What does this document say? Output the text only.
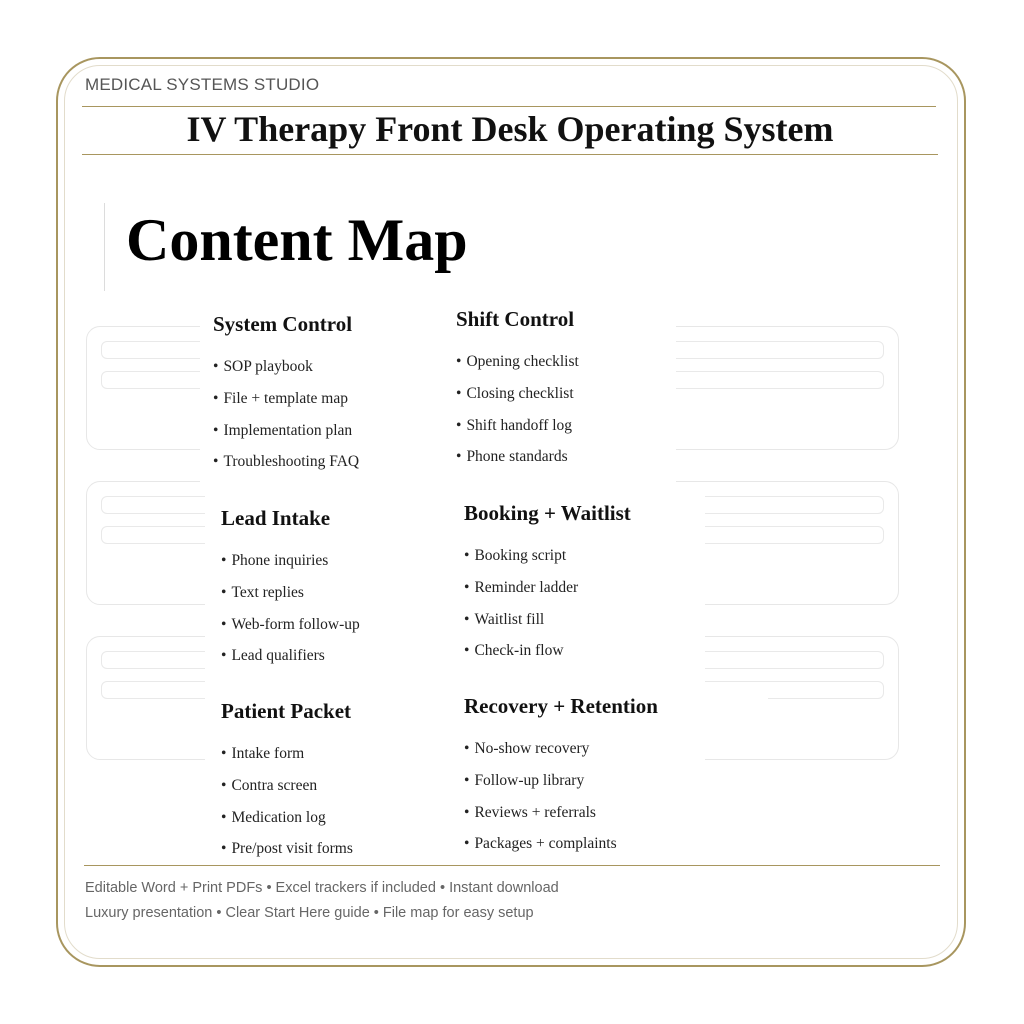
MEDICAL SYSTEMS STUDIO
IV Therapy Front Desk Operating System
Content Map
System Control
• SOP playbook
• File + template map
• Implementation plan
• Troubleshooting FAQ
Shift Control
• Opening checklist
• Closing checklist
• Shift handoff log
• Phone standards
Lead Intake
• Phone inquiries
• Text replies
• Web-form follow-up
• Lead qualifiers
Booking + Waitlist
• Booking script
• Reminder ladder
• Waitlist fill
• Check-in flow
Patient Packet
• Intake form
• Contra screen
• Medication log
• Pre/post visit forms
Recovery + Retention
• No-show recovery
• Follow-up library
• Reviews + referrals
• Packages + complaints
Editable Word + Print PDFs • Excel trackers if included • Instant download
Luxury presentation • Clear Start Here guide • File map for easy setup
